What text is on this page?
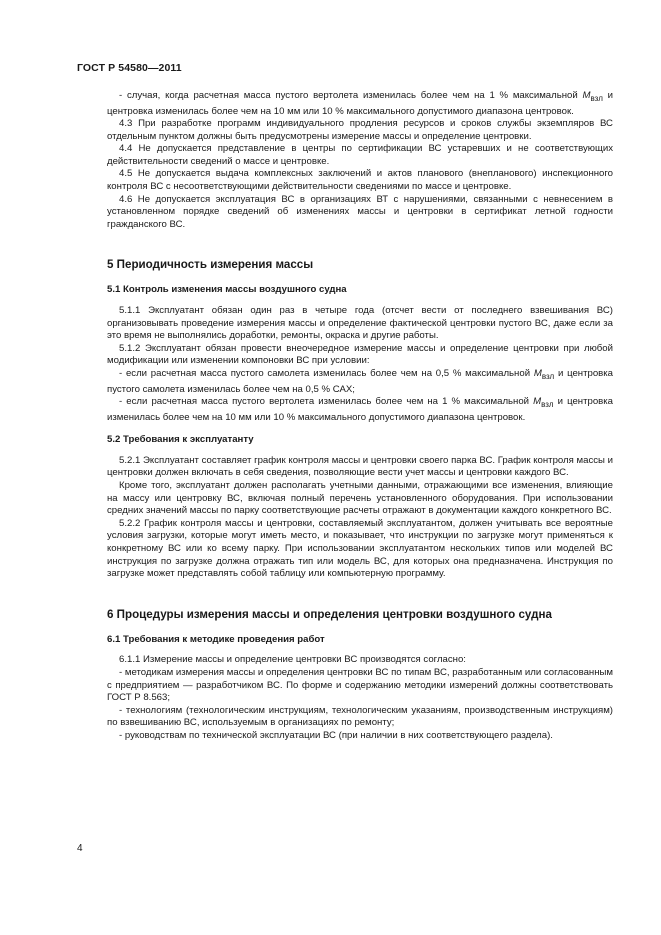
ГОСТ Р 54580—2011

- случая, когда расчетная масса пустого вертолета изменилась более чем на 1 % максимальной $M_{взл}$ и центровка изменилась более чем на 10 мм или 10 % максимального допустимого диапазона центровок.

4.3 При разработке программ индивидуального продления ресурсов и сроков службы экземпляров ВС отдельным пунктом должны быть предусмотрены измерение массы и определение центровки.

4.4 Не допускается представление в центры по сертификации ВС устаревших и не соответствующих действительности сведений о массе и центровке.

4.5 Не допускается выдача комплексных заключений и актов планового (внепланового) инспекционного контроля ВС с несоответствующими действительности сведениями по массе и центровке.

4.6 Не допускается эксплуатация ВС в организациях ВТ с нарушениями, связанными с невнесением в установленном порядке сведений об изменениях массы и центровки в сертификат летной годности гражданского ВС.

5 Периодичность измерения массы
5.1 Контроль изменения массы воздушного судна

5.1.1 Эксплуатант обязан один раз в четыре года (отсчет вести от последнего взвешивания ВС) организовывать проведение измерения массы и определение фактической центровки пустого ВС, даже если за это время не выполнялись доработки, ремонты, окраска и другие работы.

5.1.2 Эксплуатант обязан провести внеочередное измерение массы и определение центровки при любой модификации или изменении компоновки ВС при условии:

- если расчетная масса пустого самолета изменилась более чем на 0,5 % максимальной $M_{взл}$ и центровка пустого самолета изменилась более чем на 0,5 % САХ;

- если расчетная масса пустого вертолета изменилась более чем на 1 % максимальной $M_{взл}$ и центровка изменилась более чем на 10 мм или 10 % максимального допустимого диапазона центровок.

5.2 Требования к эксплуатанту

5.2.1 Эксплуатант составляет график контроля массы и центровки своего парка ВС. График контроля массы и центровки должен включать в себя сведения, позволяющие вести учет массы и центровки каждого ВС.

Кроме того, эксплуатант должен располагать учетными данными, отражающими все изменения, влияющие на массу или центровку ВС, включая полный перечень установленного оборудования. При использовании средних значений массы по парку соответствующие расчеты отражают в документации каждого конкретного ВС.

5.2.2 График контроля массы и центровки, составляемый эксплуатантом, должен учитывать все вероятные условия загрузки, которые могут иметь место, и показывает, что инструкции по загрузке могут применяться к конкретному ВС или ко всему парку. При использовании эксплуатантом нескольких типов или моделей ВС инструкция по загрузке должна отражать тип или модель ВС, для которых она предназначена. Инструкция по загрузке может представлять собой таблицу или компьютерную программу.

6 Процедуры измерения массы и определения центровки воздушного судна
6.1 Требования к методике проведения работ

6.1.1 Измерение массы и определение центровки ВС производятся согласно:

- методикам измерения массы и определения центровки ВС по типам ВС, разработанным или согласованным с предприятием — разработчиком ВС. По форме и содержанию методики измерений должны соответствовать ГОСТ Р 8.563;

- технологиям (технологическим инструкциям, технологическим указаниям, производственным инструкциям) по взвешиванию ВС, используемым в организациях по ремонту;

- руководствам по технической эксплуатации ВС (при наличии в них соответствующего раздела).

4
